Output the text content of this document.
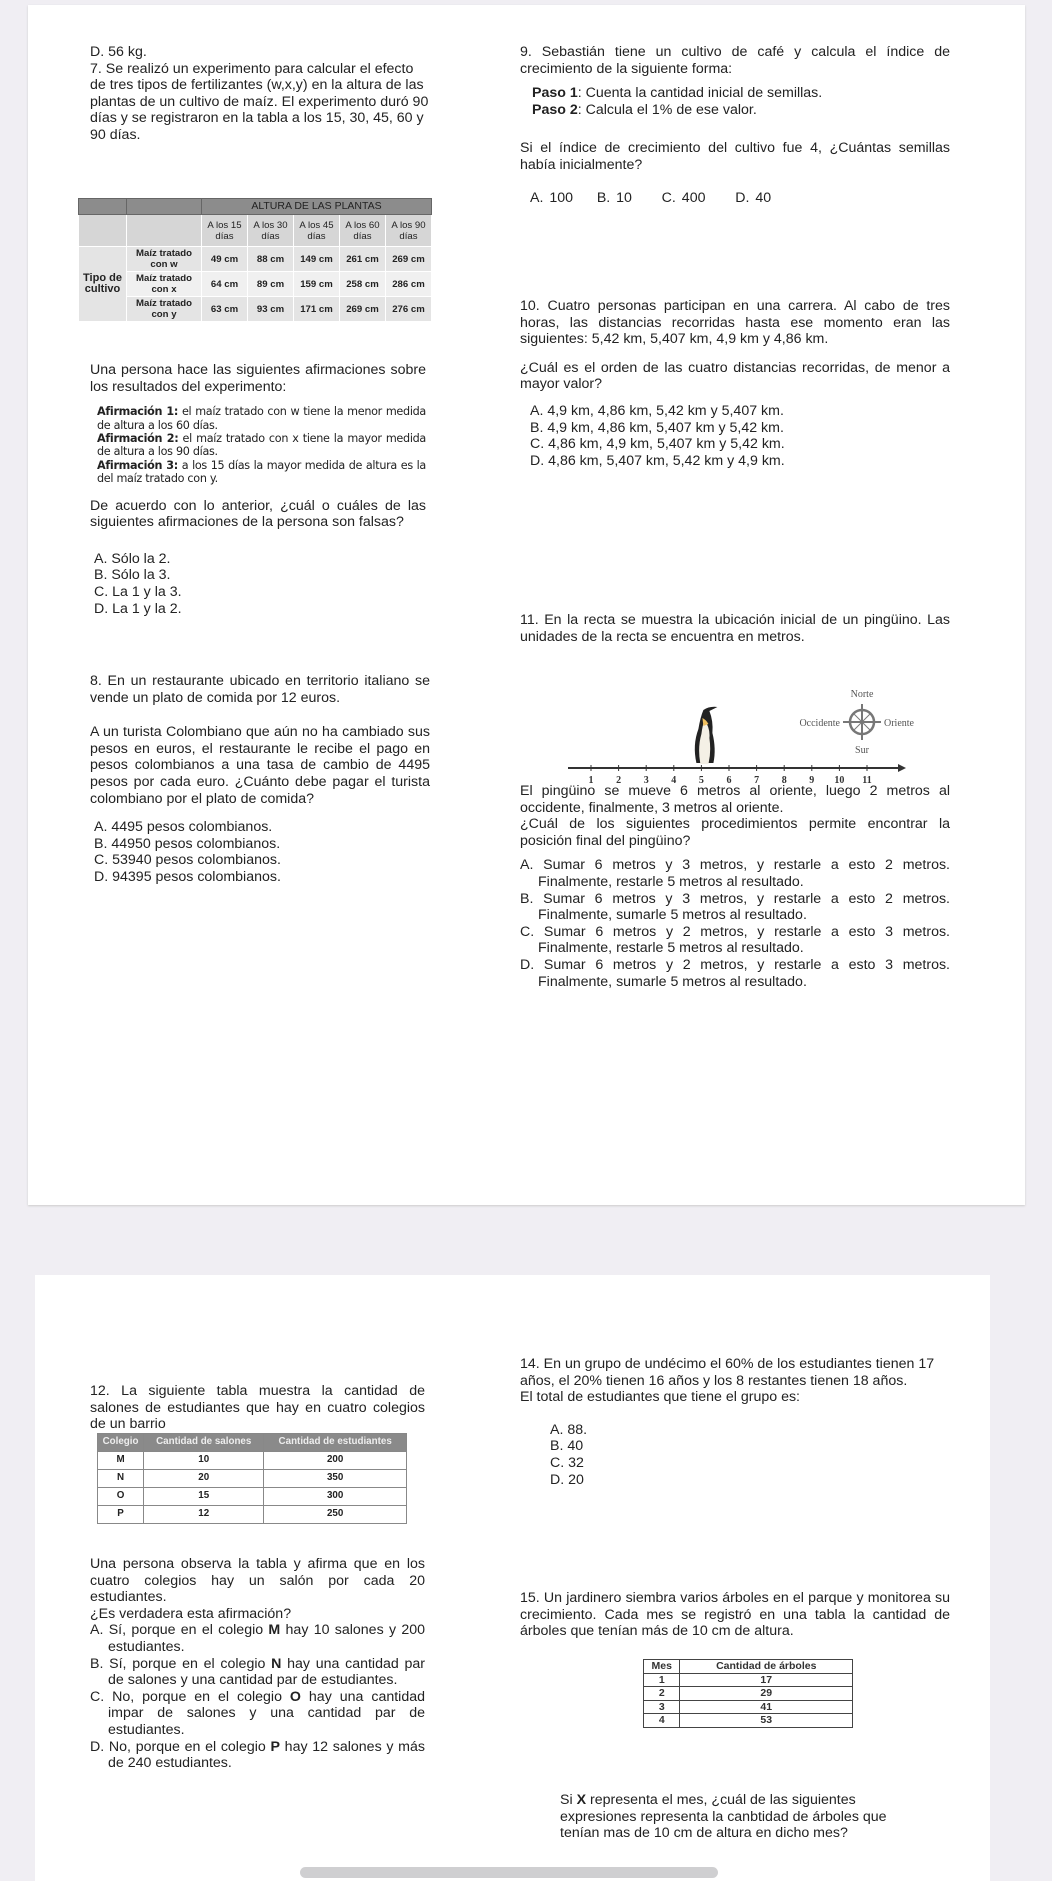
D. 56 kg.

7. Se realizó un experimento para calcular el efecto de tres tipos de fertilizantes (w,x,y) en la altura de las plantas de un cultivo de maíz. El experimento duró 90 días y se registraron en la tabla a los 15, 30, 45, 60 y

90 días.

		ALTURA DE LAS PLANTAS				
		A los 15 días	A los 30 días	A los 45 días	A los 60 días	A los 90 días
Tipo de cultivo	Maíz tratado con w	49 cm	88 cm	149 cm	261 cm	269 cm
	Maíz tratado con x	64 cm	89 cm	159 cm	258 cm	286 cm
	Maíz tratado con y	63 cm	93 cm	171 cm	269 cm	276 cm

Una persona hace las siguientes afirmaciones sobre los resultados del experimento:

Afirmación 1: el maíz tratado con w tiene la menor medida de altura a los 60 días.

Afirmación 2: el maíz tratado con x tiene la mayor medida de altura a los 90 días.

Afirmación 3: a los 15 días la mayor medida de altura es la del maíz tratado con y.

De acuerdo con lo anterior, ¿cuál o cuáles de las siguientes afirmaciones de la persona son falsas?

A. Sólo la 2.

B. Sólo la 3.

C. La 1 y la 3.

D. La 1 y la 2.

8. En un restaurante ubicado en territorio italiano se vende un plato de comida por 12 euros.

A un turista Colombiano que aún no ha cambiado sus pesos en euros, el restaurante le recibe el pago en pesos colombianos a una tasa de cambio de 4495 pesos por cada euro. ¿Cuánto debe pagar el turista colombiano por el plato de comida?

A. 4495 pesos colombianos.

B. 44950 pesos colombianos.

C. 53940 pesos colombianos.

D. 94395 pesos colombianos.

9. Sebastián tiene un cultivo de café y calcula el índice de crecimiento de la siguiente forma:

Paso 1: Cuenta la cantidad inicial de semillas.

Paso 2: Calcula el 1% de ese valor.

Si el índice de crecimiento del cultivo fue 4, ¿Cuántas semillas había inicialmente?

A. 100 B. 10 C. 400 D. 40

10. Cuatro personas participan en una carrera. Al cabo de tres horas, las distancias recorridas hasta ese momento eran las siguientes: 5,42 km, 5,407 km, 4,9 km y 4,86 km.

¿Cuál es el orden de las cuatro distancias recorridas, de menor a mayor valor?

A. 4,9 km, 4,86 km, 5,42 km y 5,407 km.

B. 4,9 km, 4,86 km, 5,407 km y 5,42 km.

C. 4,86 km, 4,9 km, 5,407 km y 5,42 km.

D. 4,86 km, 5,407 km, 5,42 km y 4,9 km.

11. En la recta se muestra la ubicación inicial de un pingüino. Las unidades de la recta se encuentra en metros.

Norte
Occidente	Oriente
Sur
1 2 3 4 5 6 7 8 9 10 11

El pingüino se mueve 6 metros al oriente, luego 2 metros al occidente, finalmente, 3 metros al oriente.

¿Cuál de los siguientes procedimientos permite encontrar la posición final del pingüino?

A. Sumar 6 metros y 3 metros, y restarle a esto 2 metros. Finalmente, restarle 5 metros al resultado.

B. Sumar 6 metros y 3 metros, y restarle a esto 2 metros. Finalmente, sumarle 5 metros al resultado.

C. Sumar 6 metros y 2 metros, y restarle a esto 3 metros. Finalmente, restarle 5 metros al resultado.

D. Sumar 6 metros y 2 metros, y restarle a esto 3 metros. Finalmente, sumarle 5 metros al resultado.

12. La siguiente tabla muestra la cantidad de salones de estudiantes que hay en cuatro colegios de un barrio

Colegio	Cantidad de salones	Cantidad de estudiantes
M	10	200
N	20	350
O	15	300
P	12	250

Una persona observa la tabla y afirma que en los cuatro colegios hay un salón por cada 20 estudiantes.

¿Es verdadera esta afirmación?

A. Sí, porque en el colegio M hay 10 salones y 200 estudiantes.

B. Sí, porque en el colegio N hay una cantidad par de salones y una cantidad par de estudiantes.

C. No, porque en el colegio O hay una cantidad impar de salones y una cantidad par de estudiantes.

D. No, porque en el colegio P hay 12 salones y más de 240 estudiantes.

14. En un grupo de undécimo el 60% de los estudiantes tienen 17 años, el 20% tienen 16 años y los 8 restantes tienen 18 años.

El total de estudiantes que tiene el grupo es:

A. 88.

B. 40

C. 32

D. 20

15. Un jardinero siembra varios árboles en el parque y monitorea su crecimiento. Cada mes se registró en una tabla la cantidad de árboles que tenían más de 10 cm de altura.

Mes	Cantidad de árboles
1	17
2	29
3	41
4	53

Si X representa el mes, ¿cuál de las siguientes expresiones representa la canbtidad de árboles que tenían mas de 10 cm de altura en dicho mes?
